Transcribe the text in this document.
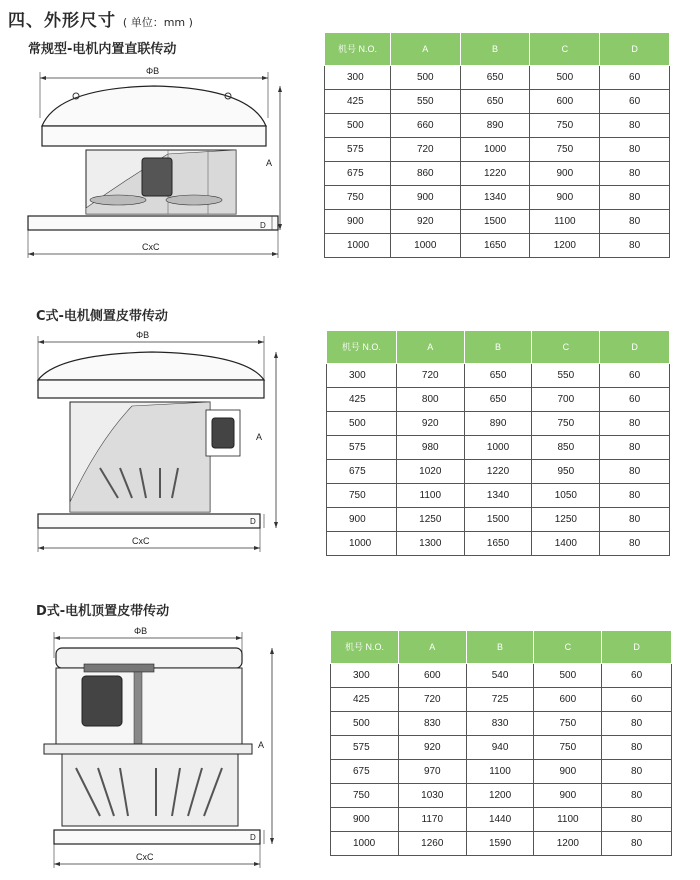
四、外形尺寸 ( 单位：mm )
常规型-电机内置直联传动
ΦB
A
D
CxC
机号 N.O.	A	B	C	D
300	500	650	500	60
425	550	650	600	60
500	660	890	750	80
575	720	1000	750	80
675	860	1220	900	80
750	900	1340	900	80
900	920	1500	1100	80
1000	1000	1650	1200	80
C式-电机侧置皮带传动
ΦB
A
D
CxC
机号 N.O.	A	B	C	D
300	720	650	550	60
425	800	650	700	60
500	920	890	750	80
575	980	1000	850	80
675	1020	1220	950	80
750	1100	1340	1050	80
900	1250	1500	1250	80
1000	1300	1650	1400	80
D式-电机顶置皮带传动
ΦB
A
D
CxC
机号 N.O.	A	B	C	D
300	600	540	500	60
425	720	725	600	60
500	830	830	750	80
575	920	940	750	80
675	970	1100	900	80
750	1030	1200	900	80
900	1170	1440	1100	80
1000	1260	1590	1200	80
